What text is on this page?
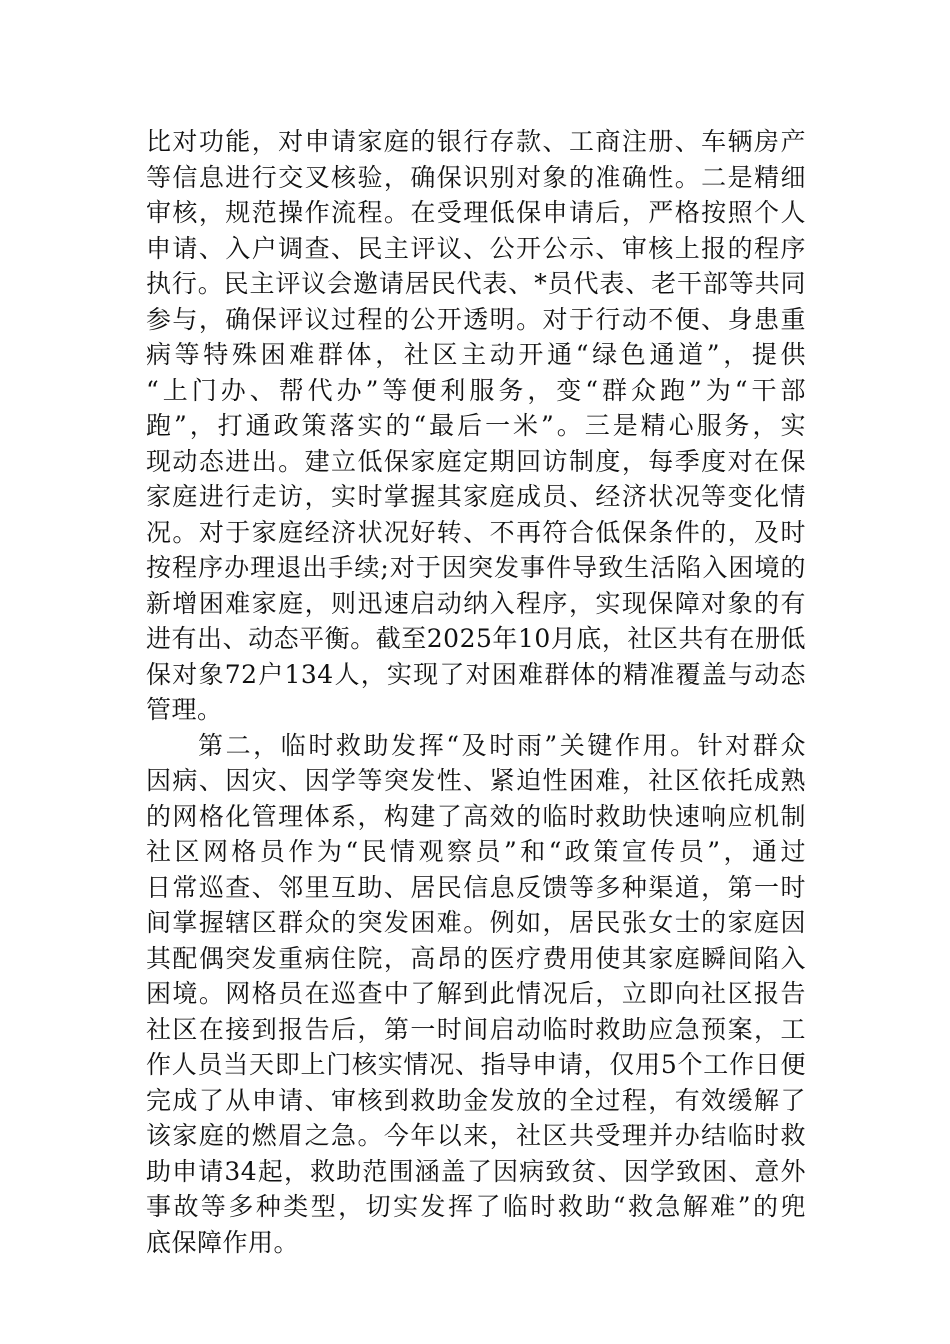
比对功能，对申请家庭的银行存款、工商注册、车辆房产
等信息进行交叉核验，确保识别对象的准确性。二是精细
审核，规范操作流程。在受理低保申请后，严格按照个人
申请、入户调查、民主评议、公开公示、审核上报的程序
执行。民主评议会邀请居民代表、*员代表、老干部等共同
参与，确保评议过程的公开透明。对于行动不便、身患重
病等特殊困难群体，社区主动开通“绿色通道”，提供
“上门办、帮代办”等便利服务，变“群众跑”为“干部
跑”，打通政策落实的“最后一米”。三是精心服务，实
现动态进出。建立低保家庭定期回访制度，每季度对在保
家庭进行走访，实时掌握其家庭成员、经济状况等变化情
况。对于家庭经济状况好转、不再符合低保条件的，及时
按程序办理退出手续;对于因突发事件导致生活陷入困境的
新增困难家庭，则迅速启动纳入程序，实现保障对象的有
进有出、动态平衡。截至2025年10月底，社区共有在册低
保对象72户134人，实现了对困难群体的精准覆盖与动态
管理。
第二，临时救助发挥“及时雨”关键作用。针对群众
因病、因灾、因学等突发性、紧迫性困难，社区依托成熟
的网格化管理体系，构建了高效的临时救助快速响应机制
社区网格员作为“民情观察员”和“政策宣传员”，通过
日常巡查、邻里互助、居民信息反馈等多种渠道，第一时
间掌握辖区群众的突发困难。例如，居民张女士的家庭因
其配偶突发重病住院，高昂的医疗费用使其家庭瞬间陷入
困境。网格员在巡查中了解到此情况后，立即向社区报告
社区在接到报告后，第一时间启动临时救助应急预案，工
作人员当天即上门核实情况、指导申请，仅用5个工作日便
完成了从申请、审核到救助金发放的全过程，有效缓解了
该家庭的燃眉之急。今年以来，社区共受理并办结临时救
助申请34起，救助范围涵盖了因病致贫、因学致困、意外
事故等多种类型，切实发挥了临时救助“救急解难”的兜
底保障作用。
